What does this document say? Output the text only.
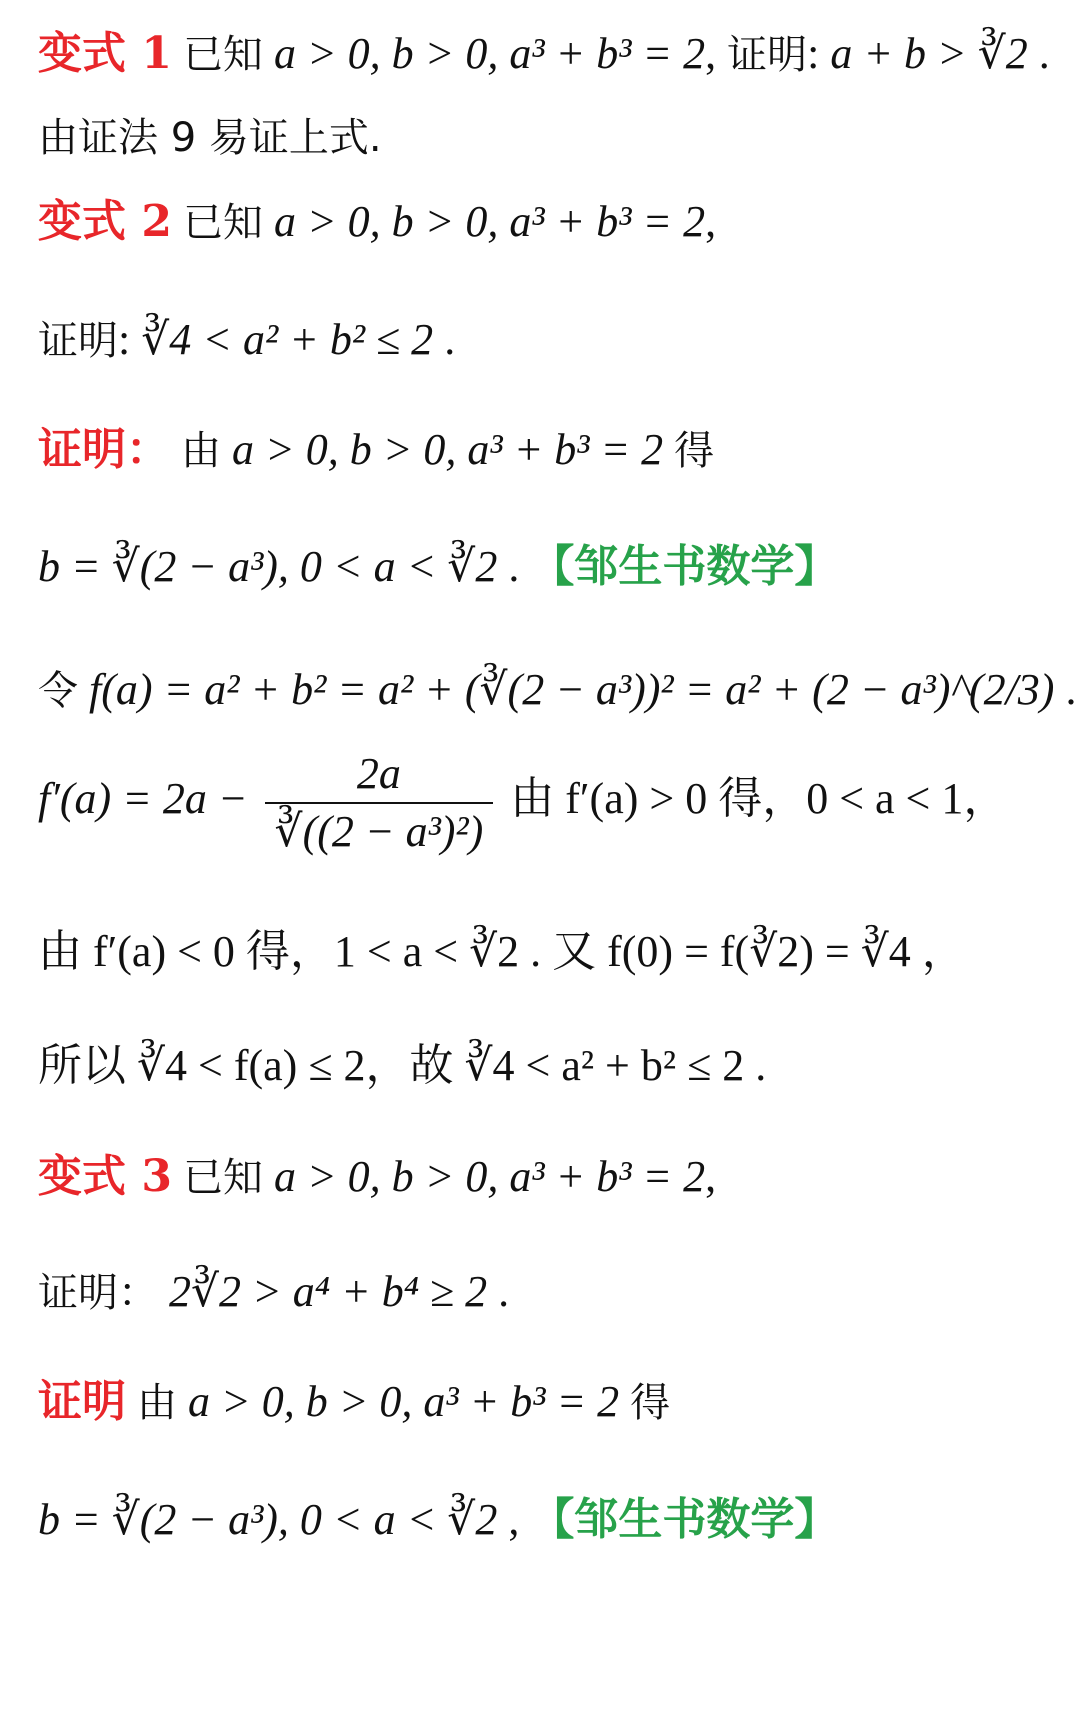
变式 1 已知 a > 0, b > 0, a³ + b³ = 2, 证明: a + b > ∛2 .
由证法 9 易证上式.
变式 2 已知 a > 0, b > 0, a³ + b³ = 2,
证明: ∛4 < a² + b² ≤ 2 .
证明： 由 a > 0, b > 0, a³ + b³ = 2 得
b = ∛(2 − a³), 0 < a < ∛2 . 【邹生书数学】
令 f(a) = a² + b² = a² + (∛(2 − a³))² = a² + (2 − a³)^(2/3) .
$f'(a) = 2a - \frac{2a}{\text{∛((2 − a³)²)}}$ 由 f′(a) > 0 得，0 < a < 1，
由 f′(a) < 0 得，1 < a < ∛2 . 又 f(0) = f(∛2) = ∛4 ，
所以 ∛4 < f(a) ≤ 2，故 ∛4 < a² + b² ≤ 2 .
变式 3 已知 a > 0, b > 0, a³ + b³ = 2,
证明： 2∛2 > a⁴ + b⁴ ≥ 2 .
证明 由 a > 0, b > 0, a³ + b³ = 2 得
b = ∛(2 − a³), 0 < a < ∛2 , 【邹生书数学】
